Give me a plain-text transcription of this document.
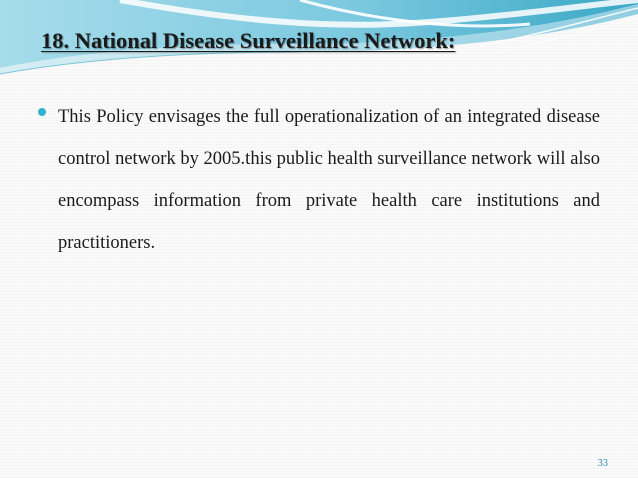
18. National Disease Surveillance Network:

This Policy envisages the full operationalization of an integrated disease control network by 2005.this public health surveillance network will also encompass information from private health care institutions and practitioners.

33
